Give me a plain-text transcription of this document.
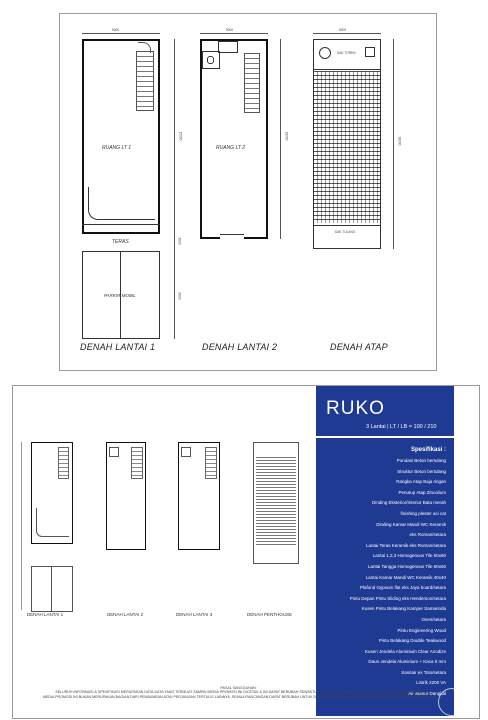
5000
RUANG LT 1
TERAS
PARKIR MOBIL
15000
3000
6000
DENAH LANTAI 1
5000
RUANG LT 2
18000
DENAH LANTAI 2
5000
DAK TOREN
DAK TULANG
18000
DENAH ATAP
DENAH LANTAI 1	DENAH LANTAI 2	DENAH LANTAI 3	DENAH PENTHOUSE
RUKO
3 Lantai | LT / LB = 100 / 210
Spesifikasi :
Pondasi Beton bertulang
Struktur Beton bertulang
Rangka Atap Baja ringan
Penutup Atap Zincalium
Dinding Eksterior/Interior Bata merah
finishing plester aci cat
Dinding Kamar Mandi WC Keramik
eks Roman/setara
Lantai Teras Keramik eks Roman/setara
Lantai 1,2,3 Homogenous Tile 60x60
Lantai Tangga Homogenous Tile 60x60
Lantai Kamar Mandi WC Keramik 40x40
Plafond Gypsum flat eks Jaya board/setara
Pintu Depan Pintu Sliding eks Henderson/setara
Kusen Pintu Belakang Kamper Samarinda
Oven/setara
Pintu Engineering Wood
Pintu Belakang Double Teakwood
Kusen Jendela Aluminium Clear Anodize
Daun Jendela Aluminium + Kaca 5 mm
Sanitair ex Toto/setara
Listrik 2200 VA
Air Sumur Dangkal
PASAL SANGGAHAN :
SELURUH INFORMASI & SPESIFIKASI MERUPAKAN DATA-DATA YANG TERMUAT SAMPAI MEDIA PROMOSI INI DICETAK & INI DAPAT BERUBAH SEWAKTU - WAKTU BILA DIPERLUKAN. SELURUH INFORMASI DIDALAM
MEDIA PROMOSI INI BUKAN MERUPAKAN BAGIAN DARI PENAWARAN ATAU PERJANJIAN TERTULIS LAINNYA. SEMUA RANCANGAN DAPAT BERUBAH UNTUK DISESUAIKAN DENGAN KETENTUAN PERATURAN SERTA FAKTA FISIK.
